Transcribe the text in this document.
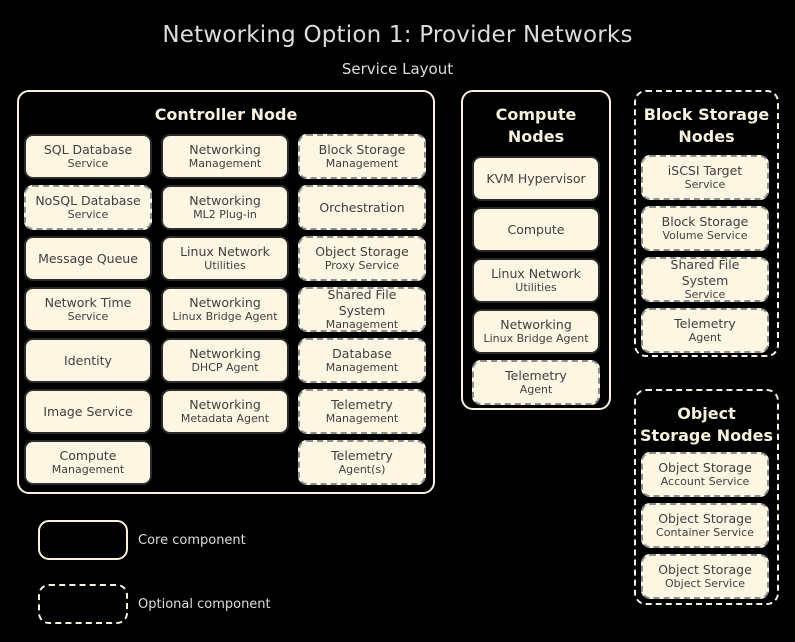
Networking Option 1: Provider Networks
Service Layout
Controller Node
SQL Database
Service
Networking
Management
Block Storage
Management
NoSQL Database
Service
Networking
ML2 Plug-in
Orchestration
Message Queue	Linux Network
Utilities
Object Storage
Proxy Service
Network Time
Service
Networking
Linux Bridge Agent
Shared File System
Management
Identity	Networking
DHCP Agent
Database
Management
Image Service	Networking
Metadata Agent
Telemetry
Management
Compute
Management
Telemetry
Agent(s)
Compute
Nodes
KVM Hypervisor
Compute
Linux Network
Utilities
Networking
Linux Bridge Agent
Telemetry
Agent
Block Storage
Nodes
iSCSI Target
Service
Block Storage
Volume Service
Shared File System
Service
Telemetry
Agent
Object
Storage Nodes
Object Storage
Account Service
Object Storage
Container Service
Object Storage
Object Service
Core component
Optional component
